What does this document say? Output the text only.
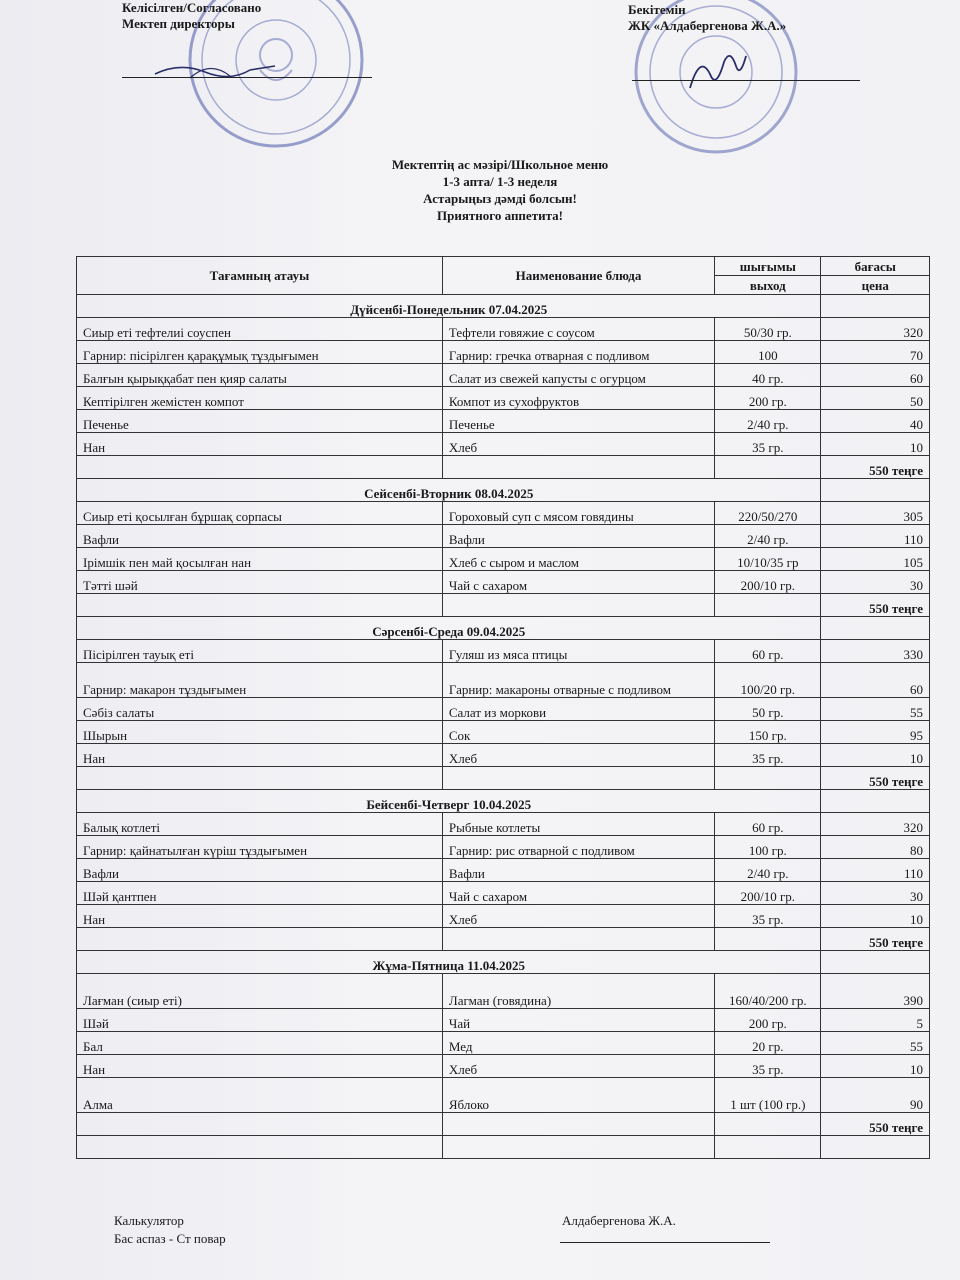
Келісілген/Согласовано
Мектеп директоры
Бекітемін
ЖК «Алдабергенова Ж.А.»
Мектептің ас мәзірі/Школьное меню
1-3 апта/ 1-3 неделя
Астарыңыз дәмді болсын!
Приятного аппетита!
Тағамның атауы	Наименование блюда	шығымы	бағасы
		выход	цена
Дүйсенбі-Понедельник 07.04.2025			
Сиыр еті тефтелиі соуспен	Тефтели говяжие с соусом	50/30 гр.	320
Гарнир: пісірілген қарақұмық тұздығымен	Гарнир: гречка отварная с подливом	100	70
Балғын қырыққабат пен қияр салаты	Салат из свежей капусты с огурцом	40 гр.	60
Кептірілген жемістен компот	Компот из сухофруктов	200 гр.	50
Печенье	Печенье	2/40 гр.	40
Нан	Хлеб	35 гр.	10
			550 теңге
Сейсенбі-Вторник 08.04.2025			
Сиыр еті қосылған бұршақ сорпасы	Гороховый суп с мясом говядины	220/50/270	305
Вафли	Вафли	2/40 гр.	110
Ірімшік пен май қосылған нан	Хлеб с сыром и маслом	10/10/35 гр	105
Тәтті шәй	Чай с сахаром	200/10 гр.	30
			550 теңге
Сәрсенбі-Среда 09.04.2025			
Пісірілген тауық еті	Гуляш из мяса птицы	60 гр.	330
Гарнир: макарон тұздығымен	Гарнир: макароны отварные с подливом	100/20 гр.	60
Сәбіз салаты	Салат из моркови	50 гр.	55
Шырын	Сок	150 гр.	95
Нан	Хлеб	35 гр.	10
			550 теңге
Бейсенбі-Четверг 10.04.2025			
Балық котлеті	Рыбные котлеты	60 гр.	320
Гарнир: қайнатылған күріш тұздығымен	Гарнир: рис отварной с подливом	100 гр.	80
Вафли	Вафли	2/40 гр.	110
Шәй қантпен	Чай с сахаром	200/10 гр.	30
Нан	Хлеб	35 гр.	10
			550 теңге
Жұма-Пятница 11.04.2025			
Лағман (сиыр еті)	Лагман (говядина)	160/40/200 гр.	390
Шәй	Чай	200 гр.	5
Бал	Мед	20 гр.	55
Нан	Хлеб	35 гр.	10
Алма	Яблоко	1 шт (100 гр.)	90
			550 теңге

Калькулятор
Бас аспаз - Ст повар
Алдабергенова Ж.А.
